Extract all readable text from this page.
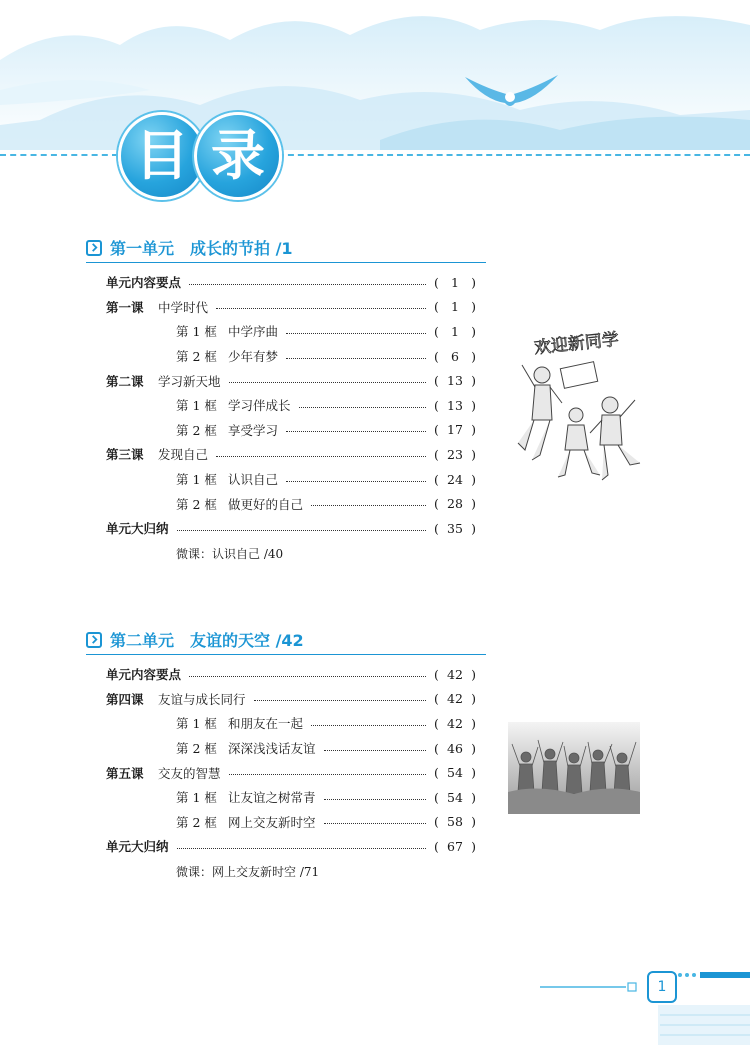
目 录
第一单元　成长的节拍 /1
单元内容要点	( 1 )
第一课 中学时代	( 1 )
第 1 框 中学序曲	( 1 )
第 2 框 少年有梦	( 6 )
第二课 学习新天地	( 13 )
第 1 框 学习伴成长	( 13 )
第 2 框 享受学习	( 17 )
第三课 发现自己	( 23 )
第 1 框 认识自己	( 24 )
第 2 框 做更好的自己	( 28 )
单元大归纳	( 35 )
微课：认识自己 /40
欢迎新同学
第二单元　友谊的天空 /42
单元内容要点	( 42 )
第四课 友谊与成长同行	( 42 )
第 1 框 和朋友在一起	( 42 )
第 2 框 深深浅浅话友谊	( 46 )
第五课 交友的智慧	( 54 )
第 1 框 让友谊之树常青	( 54 )
第 2 框 网上交友新时空	( 58 )
单元大归纳	( 67 )
微课：网上交友新时空 /71
1
